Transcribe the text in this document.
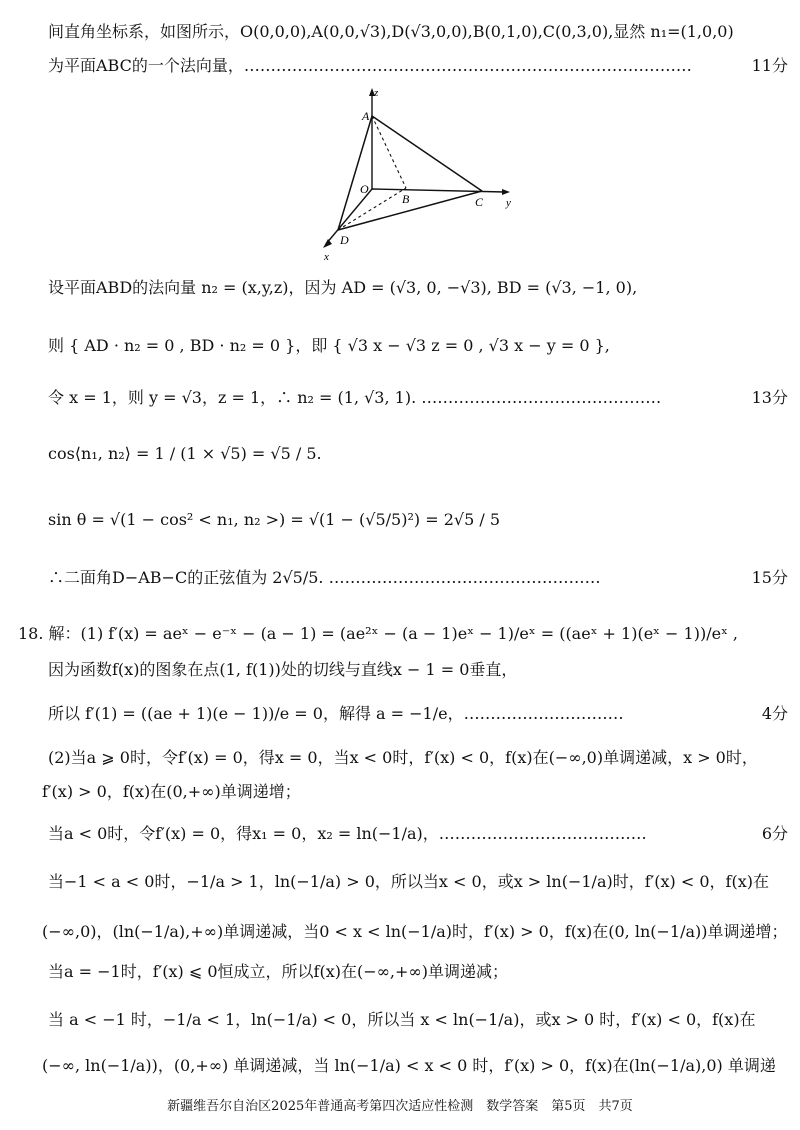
间直角坐标系，如图所示，O(0,0,0),A(0,0,√3),D(√3,0,0),B(0,1,0),C(0,3,0),显然 n₁=(1,0,0)
为平面ABC的一个法向量，…………………………………………………………………………	11分
z
A
O
B	C y
D
x
设平面ABD的法向量 n₂ = (x,y,z)，因为 AD = (√3, 0, −√3), BD = (√3, −1, 0),
则 { AD · n₂ = 0 , BD · n₂ = 0 }，即 { √3 x − √3 z = 0 , √3 x − y = 0 },
令 x = 1，则 y = √3，z = 1，∴ n₂ = (1, √3, 1). ………………………………………	13分
cos⟨n₁, n₂⟩ = 1 / (1 × √5) = √5 / 5.
sin θ = √(1 − cos² < n₁, n₂ >) = √(1 − (√5/5)²) = 2√5 / 5
∴二面角D−AB−C的正弦值为 2√5/5. ……………………………………………	15分
18. 解：(1) f′(x) = aeˣ − e⁻ˣ − (a − 1) = (ae²ˣ − (a − 1)eˣ − 1)/eˣ = ((aeˣ + 1)(eˣ − 1))/eˣ ,
因为函数f(x)的图象在点(1, f(1))处的切线与直线x − 1 = 0垂直，
所以 f′(1) = ((ae + 1)(e − 1))/e = 0，解得 a = −1/e，…………………………	4分
(2)当a ⩾ 0时，令f′(x) = 0，得x = 0，当x < 0时，f′(x) < 0，f(x)在(−∞,0)单调递减，x > 0时，
f′(x) > 0，f(x)在(0,+∞)单调递增；
当a < 0时，令f′(x) = 0，得x₁ = 0，x₂ = ln(−1/a)，…………………………………	6分
当−1 < a < 0时，−1/a > 1，ln(−1/a) > 0，所以当x < 0，或x > ln(−1/a)时，f′(x) < 0，f(x)在
(−∞,0)，(ln(−1/a),+∞)单调递减，当0 < x < ln(−1/a)时，f′(x) > 0，f(x)在(0, ln(−1/a))单调递增；
当a = −1时，f′(x) ⩽ 0恒成立，所以f(x)在(−∞,+∞)单调递减；
当 a < −1 时，−1/a < 1，ln(−1/a) < 0，所以当 x < ln(−1/a)，或x > 0 时，f′(x) < 0，f(x)在
(−∞, ln(−1/a))，(0,+∞) 单调递减，当 ln(−1/a) < x < 0 时，f′(x) > 0，f(x)在(ln(−1/a),0) 单调递
新疆维吾尔自治区2025年普通高考第四次适应性检测　数学答案　第5页　共7页
